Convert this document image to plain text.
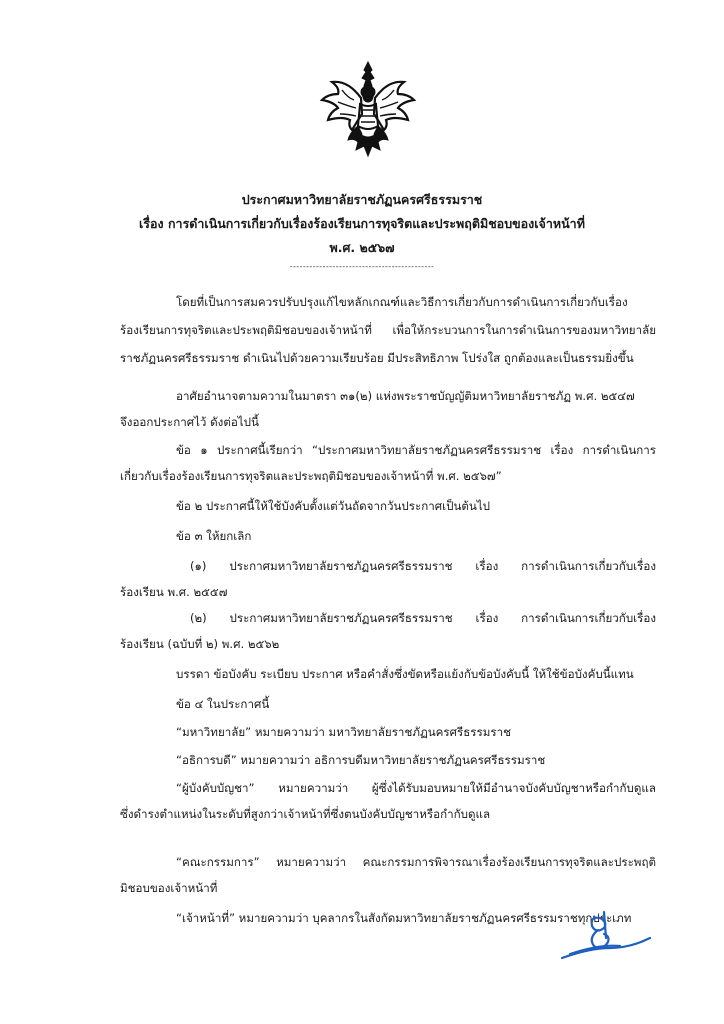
ประกาศมหาวิทยาลัยราชภัฏนครศรีธรรมราช
เรื่อง การดำเนินการเกี่ยวกับเรื่องร้องเรียนการทุจริตและประพฤติมิชอบของเจ้าหน้าที่
พ.ศ. ๒๕๖๗
--------------------------------------------
โดยที่เป็นการสมควรปรับปรุงแก้ไขหลักเกณฑ์และวิธีการเกี่ยวกับการดำเนินการเกี่ยวกับเรื่อง
ร้องเรียนการทุจริตและประพฤติมิชอบของเจ้าหน้าที่ เพื่อให้กระบวนการในการดำเนินการของมหาวิทยาลัย
ราชภัฏนครศรีธรรมราช ดำเนินไปด้วยความเรียบร้อย มีประสิทธิภาพ โปร่งใส ถูกต้องและเป็นธรรมยิ่งขึ้น
อาศัยอำนาจตามความในมาตรา ๓๑(๒) แห่งพระราชบัญญัติมหาวิทยาลัยราชภัฏ พ.ศ. ๒๕๔๗
จึงออกประกาศไว้ ดังต่อไปนี้
ข้อ ๑ ประกาศนี้เรียกว่า “ประกาศมหาวิทยาลัยราชภัฏนครศรีธรรมราช เรื่อง การดำเนินการ
เกี่ยวกับเรื่องร้องเรียนการทุจริตและประพฤติมิชอบของเจ้าหน้าที่ พ.ศ. ๒๕๖๗”
ข้อ ๒ ประกาศนี้ให้ใช้บังคับตั้งแต่วันถัดจากวันประกาศเป็นต้นไป
ข้อ ๓ ให้ยกเลิก
(๑) ประกาศมหาวิทยาลัยราชภัฏนครศรีธรรมราช เรื่อง การดำเนินการเกี่ยวกับเรื่อง
ร้องเรียน พ.ศ. ๒๕๕๗
(๒) ประกาศมหาวิทยาลัยราชภัฏนครศรีธรรมราช เรื่อง การดำเนินการเกี่ยวกับเรื่อง
ร้องเรียน (ฉบับที่ ๒) พ.ศ. ๒๕๖๒
บรรดา ข้อบังคับ ระเบียบ ประกาศ หรือคำสั่งซึ่งขัดหรือแย้งกับข้อบังคับนี้ ให้ใช้ข้อบังคับนี้แทน
ข้อ ๔ ในประกาศนี้
“มหาวิทยาลัย” หมายความว่า มหาวิทยาลัยราชภัฏนครศรีธรรมราช
“อธิการบดี” หมายความว่า อธิการบดีมหาวิทยาลัยราชภัฏนครศรีธรรมราช
“ผู้บังคับบัญชา” หมายความว่า ผู้ซึ่งได้รับมอบหมายให้มีอำนาจบังคับบัญชาหรือกำกับดูแล
ซึ่งดำรงตำแหน่งในระดับที่สูงกว่าเจ้าหน้าที่ซึ่งตนบังคับบัญชาหรือกำกับดูแล
“คณะกรรมการ” หมายความว่า คณะกรรมการพิจารณาเรื่องร้องเรียนการทุจริตและประพฤติ
มิชอบของเจ้าหน้าที่
“เจ้าหน้าที่” หมายความว่า บุคลากรในสังกัดมหาวิทยาลัยราชภัฏนครศรีธรรมราชทุกประเภท
